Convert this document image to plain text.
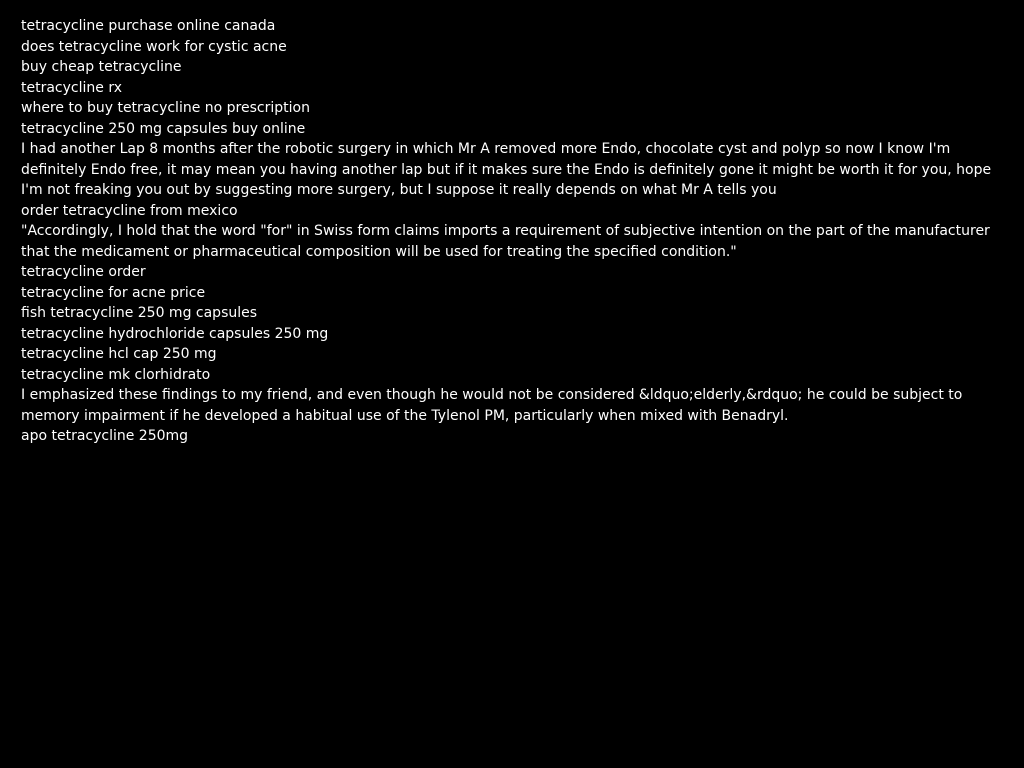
tetracycline purchase online canada

does tetracycline work for cystic acne

buy cheap tetracycline

tetracycline rx

where to buy tetracycline no prescription

tetracycline 250 mg capsules buy online

I had another Lap 8 months after the robotic surgery in which Mr A removed more Endo, chocolate cyst and polyp so now I know I'm definitely Endo free, it may mean you having another lap but if it makes sure the Endo is definitely gone it might be worth it for you, hope I'm not freaking you out by suggesting more surgery, but I suppose it really depends on what Mr A tells you

order tetracycline from mexico

"Accordingly, I hold that the word "for" in Swiss form claims imports a requirement of subjective intention on the part of the manufacturer that the medicament or pharmaceutical composition will be used for treating the specified condition."

tetracycline order

tetracycline for acne price

fish tetracycline 250 mg capsules

tetracycline hydrochloride capsules 250 mg

tetracycline hcl cap 250 mg

tetracycline mk clorhidrato

I emphasized these findings to my friend, and even though he would not be considered &ldquo;elderly,&rdquo; he could be subject to memory impairment if he developed a habitual use of the Tylenol PM, particularly when mixed with Benadryl.

apo tetracycline 250mg
